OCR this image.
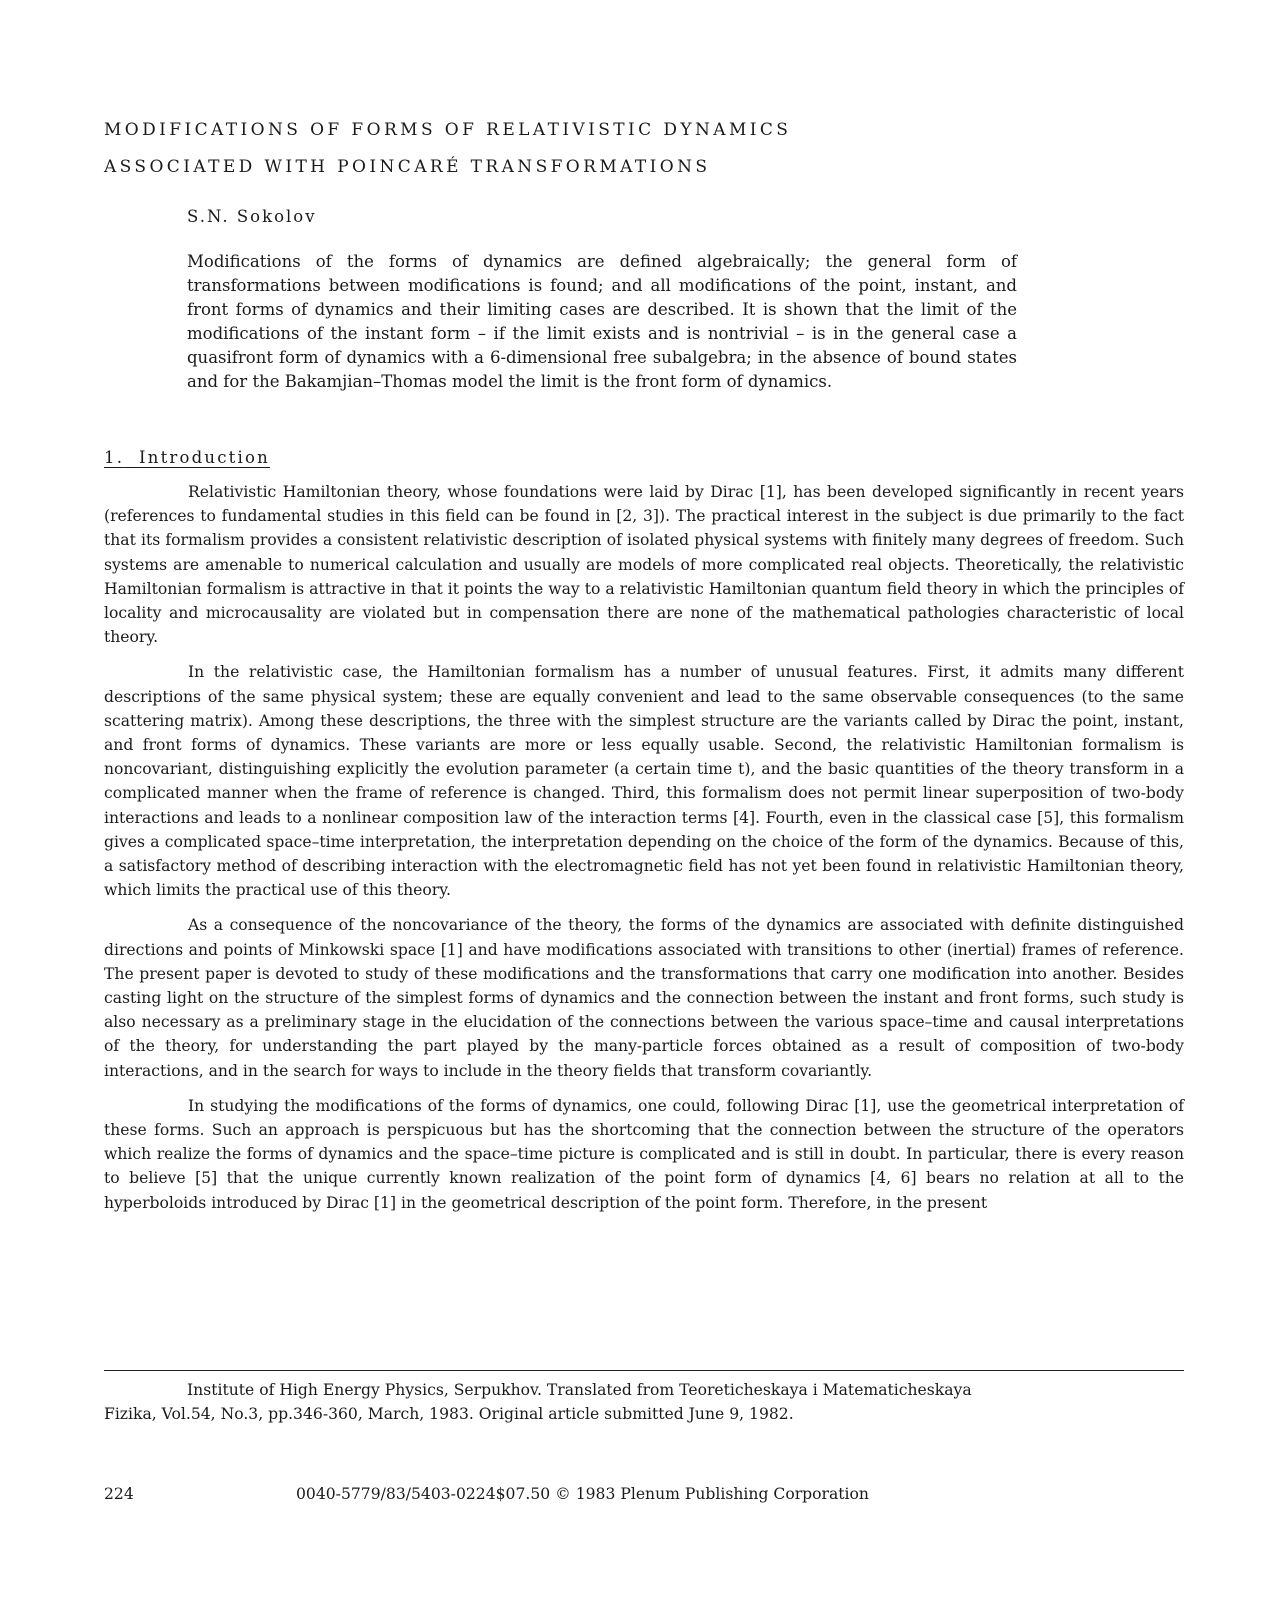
MODIFICATIONS OF FORMS OF RELATIVISTIC DYNAMICS
ASSOCIATED WITH POINCARÉ TRANSFORMATIONS
S.N. Sokolov
Modifications of the forms of dynamics are defined algebraically; the general form of transformations between modifications is found; and all modifications of the point, instant, and front forms of dynamics and their limiting cases are described. It is shown that the limit of the modifications of the instant form – if the limit exists and is nontrivial – is in the general case a quasifront form of dynamics with a 6-dimensional free subalgebra; in the absence of bound states and for the Bakamjian–Thomas model the limit is the front form of dynamics.
1. Introduction

Relativistic Hamiltonian theory, whose foundations were laid by Dirac [1], has been developed significantly in recent years (references to fundamental studies in this field can be found in [2, 3]). The practical interest in the subject is due primarily to the fact that its formalism provides a consistent relativistic description of isolated physical systems with finitely many degrees of freedom. Such systems are amenable to numerical calculation and usually are models of more complicated real objects. Theoretically, the relativistic Hamiltonian formalism is attractive in that it points the way to a relativistic Hamiltonian quantum field theory in which the principles of locality and microcausality are violated but in compensation there are none of the mathematical pathologies characteristic of local theory.

In the relativistic case, the Hamiltonian formalism has a number of unusual features. First, it admits many different descriptions of the same physical system; these are equally convenient and lead to the same observable consequences (to the same scattering matrix). Among these descriptions, the three with the simplest structure are the variants called by Dirac the point, instant, and front forms of dynamics. These variants are more or less equally usable. Second, the relativistic Hamiltonian formalism is noncovariant, distinguishing explicitly the evolution parameter (a certain time t), and the basic quantities of the theory transform in a complicated manner when the frame of reference is changed. Third, this formalism does not permit linear superposition of two-body interactions and leads to a nonlinear composition law of the interaction terms [4]. Fourth, even in the classical case [5], this formalism gives a complicated space–time interpretation, the interpretation depending on the choice of the form of the dynamics. Because of this, a satisfactory method of describing interaction with the electromagnetic field has not yet been found in relativistic Hamiltonian theory, which limits the practical use of this theory.

As a consequence of the noncovariance of the theory, the forms of the dynamics are associated with definite distinguished directions and points of Minkowski space [1] and have modifications associated with transitions to other (inertial) frames of reference. The present paper is devoted to study of these modifications and the transformations that carry one modification into another. Besides casting light on the structure of the simplest forms of dynamics and the connection between the instant and front forms, such study is also necessary as a preliminary stage in the elucidation of the connections between the various space–time and causal interpretations of the theory, for understanding the part played by the many-particle forces obtained as a result of composition of two-body interactions, and in the search for ways to include in the theory fields that transform covariantly.

In studying the modifications of the forms of dynamics, one could, following Dirac [1], use the geometrical interpretation of these forms. Such an approach is perspicuous but has the shortcoming that the connection between the structure of the operators which realize the forms of dynamics and the space–time picture is complicated and is still in doubt. In particular, there is every reason to believe [5] that the unique currently known realization of the point form of dynamics [4, 6] bears no relation at all to the hyperboloids introduced by Dirac [1] in the geometrical description of the point form. Therefore, in the present

Institute of High Energy Physics, Serpukhov. Translated from Teoreticheskaya i Matematicheskaya
Fizika, Vol.54, No.3, pp.346-360, March, 1983. Original article submitted June 9, 1982.
224	0040-5779/83/5403-0224$07.50 © 1983 Plenum Publishing Corporation
